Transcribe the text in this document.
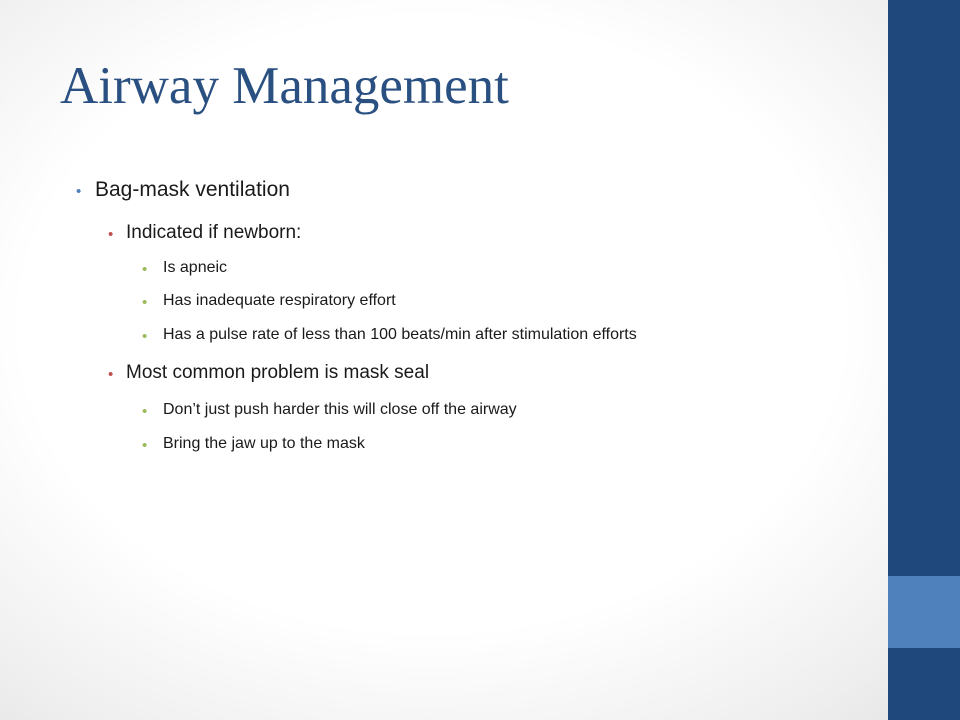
Airway Management
• Bag-mask ventilation
• Indicated if newborn:
• Is apneic
• Has inadequate respiratory effort
• Has a pulse rate of less than 100 beats/min after stimulation efforts
• Most common problem is mask seal
• Don’t just push harder this will close off the airway
• Bring the jaw up to the mask
